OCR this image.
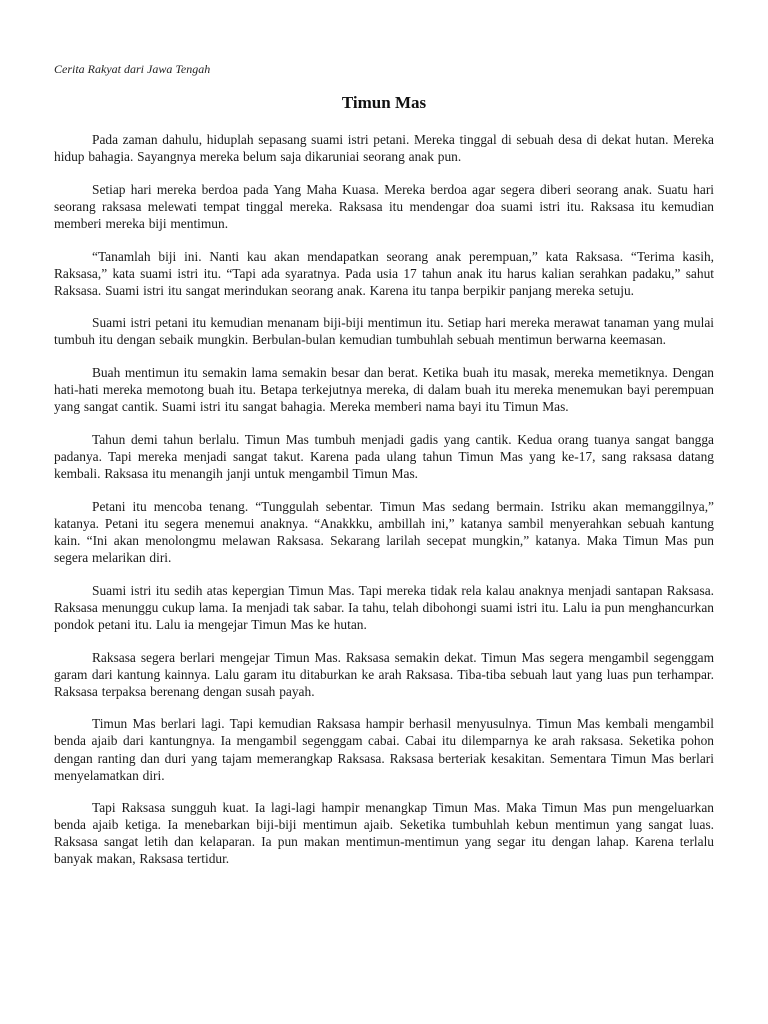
Cerita Rakyat dari Jawa Tengah
Timun Mas

Pada zaman dahulu, hiduplah sepasang suami istri petani. Mereka tinggal di sebuah desa di dekat hutan. Mereka hidup bahagia. Sayangnya mereka belum saja dikaruniai seorang anak pun.

Setiap hari mereka berdoa pada Yang Maha Kuasa. Mereka berdoa agar segera diberi seorang anak. Suatu hari seorang raksasa melewati tempat tinggal mereka. Raksasa itu mendengar doa suami istri itu. Raksasa itu kemudian memberi mereka biji mentimun.

“Tanamlah biji ini. Nanti kau akan mendapatkan seorang anak perempuan,” kata Raksasa. “Terima kasih, Raksasa,” kata suami istri itu. “Tapi ada syaratnya. Pada usia 17 tahun anak itu harus kalian serahkan padaku,” sahut Raksasa. Suami istri itu sangat merindukan seorang anak. Karena itu tanpa berpikir panjang mereka setuju.

Suami istri petani itu kemudian menanam biji-biji mentimun itu. Setiap hari mereka merawat tanaman yang mulai tumbuh itu dengan sebaik mungkin. Berbulan-bulan kemudian tumbuhlah sebuah mentimun berwarna keemasan.

Buah mentimun itu semakin lama semakin besar dan berat. Ketika buah itu masak, mereka memetiknya. Dengan hati-hati mereka memotong buah itu. Betapa terkejutnya mereka, di dalam buah itu mereka menemukan bayi perempuan yang sangat cantik. Suami istri itu sangat bahagia. Mereka memberi nama bayi itu Timun Mas.

Tahun demi tahun berlalu. Timun Mas tumbuh menjadi gadis yang cantik. Kedua orang tuanya sangat bangga padanya. Tapi mereka menjadi sangat takut. Karena pada ulang tahun Timun Mas yang ke-17, sang raksasa datang kembali. Raksasa itu menangih janji untuk mengambil Timun Mas.

Petani itu mencoba tenang. “Tunggulah sebentar. Timun Mas sedang bermain. Istriku akan memanggilnya,” katanya. Petani itu segera menemui anaknya. “Anakkku, ambillah ini,” katanya sambil menyerahkan sebuah kantung kain. “Ini akan menolongmu melawan Raksasa. Sekarang larilah secepat mungkin,” katanya. Maka Timun Mas pun segera melarikan diri.

Suami istri itu sedih atas kepergian Timun Mas. Tapi mereka tidak rela kalau anaknya menjadi santapan Raksasa. Raksasa menunggu cukup lama. Ia menjadi tak sabar. Ia tahu, telah dibohongi suami istri itu. Lalu ia pun menghancurkan pondok petani itu. Lalu ia mengejar Timun Mas ke hutan.

Raksasa segera berlari mengejar Timun Mas. Raksasa semakin dekat. Timun Mas segera mengambil segenggam garam dari kantung kainnya. Lalu garam itu ditaburkan ke arah Raksasa. Tiba-tiba sebuah laut yang luas pun terhampar. Raksasa terpaksa berenang dengan susah payah.

Timun Mas berlari lagi. Tapi kemudian Raksasa hampir berhasil menyusulnya. Timun Mas kembali mengambil benda ajaib dari kantungnya. Ia mengambil segenggam cabai. Cabai itu dilemparnya ke arah raksasa. Seketika pohon dengan ranting dan duri yang tajam memerangkap Raksasa. Raksasa berteriak kesakitan. Sementara Timun Mas berlari menyelamatkan diri.

Tapi Raksasa sungguh kuat. Ia lagi-lagi hampir menangkap Timun Mas. Maka Timun Mas pun mengeluarkan benda ajaib ketiga. Ia menebarkan biji-biji mentimun ajaib. Seketika tumbuhlah kebun mentimun yang sangat luas. Raksasa sangat letih dan kelaparan. Ia pun makan mentimun-mentimun yang segar itu dengan lahap. Karena terlalu banyak makan, Raksasa tertidur.
